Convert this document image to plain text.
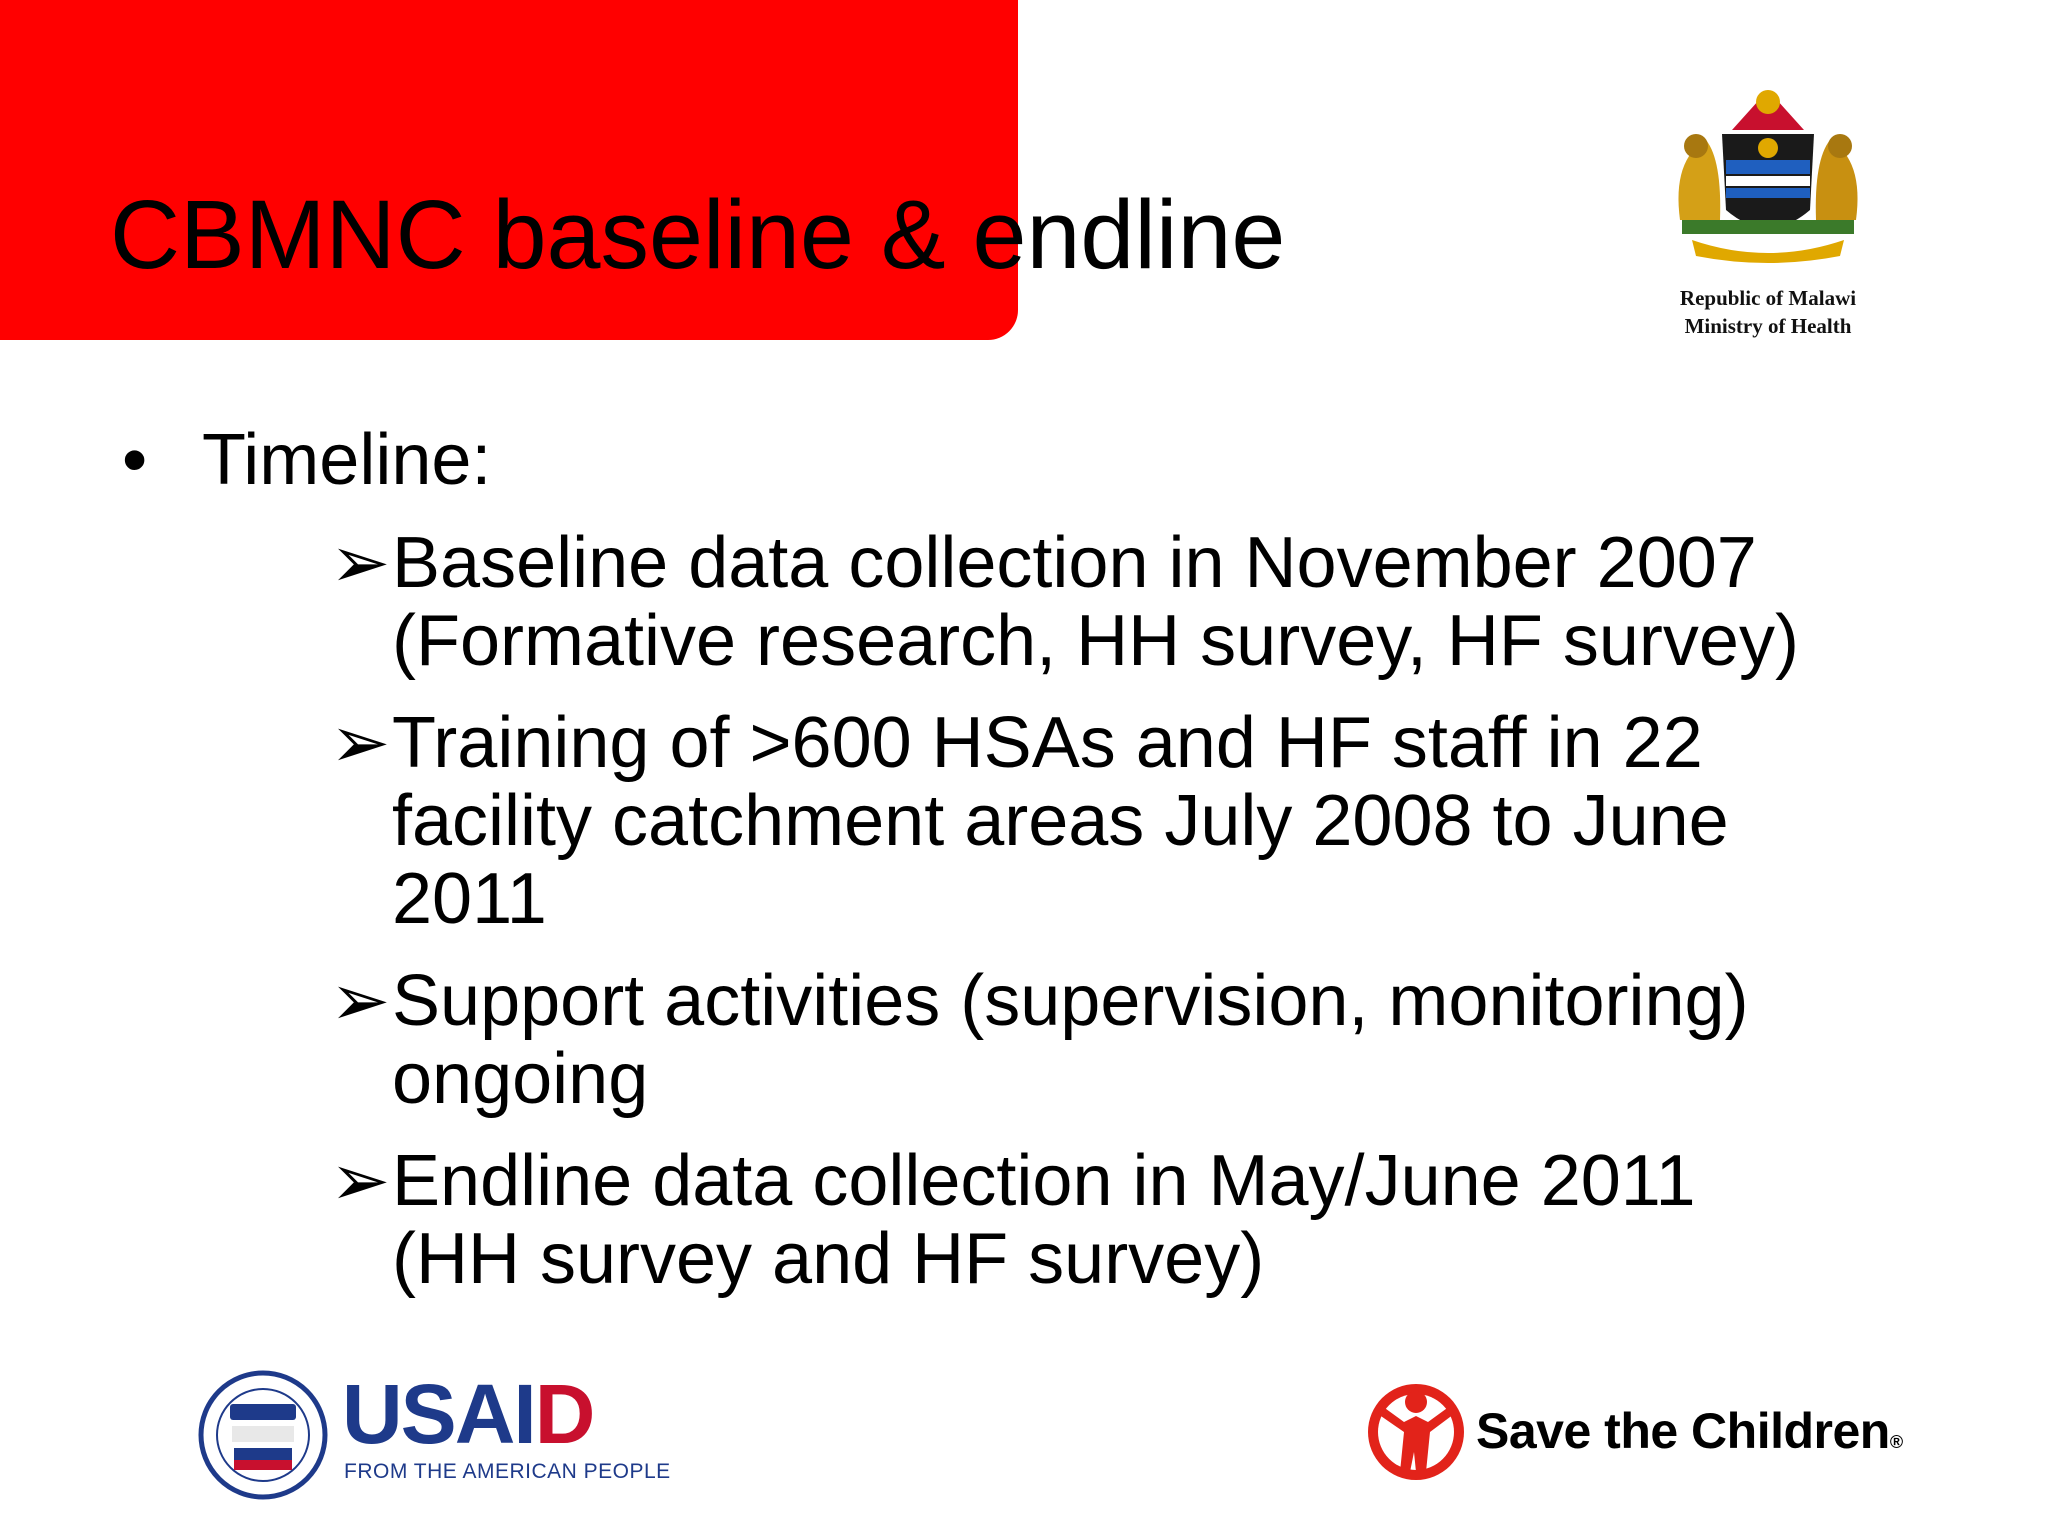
CBMNC baseline & endline
Republic of Malawi
Ministry of Health
• Timeline:
➢ Baseline data collection in November 2007
(Formative research, HH survey, HF survey)
➢ Training of >600 HSAs and HF staff in 22
facility catchment areas July 2008 to June
2011
➢ Support activities (supervision, monitoring)
ongoing
➢ Endline data collection in May/June 2011
(HH survey and HF survey)
USAID
FROM THE AMERICAN PEOPLE
Save the Children®
